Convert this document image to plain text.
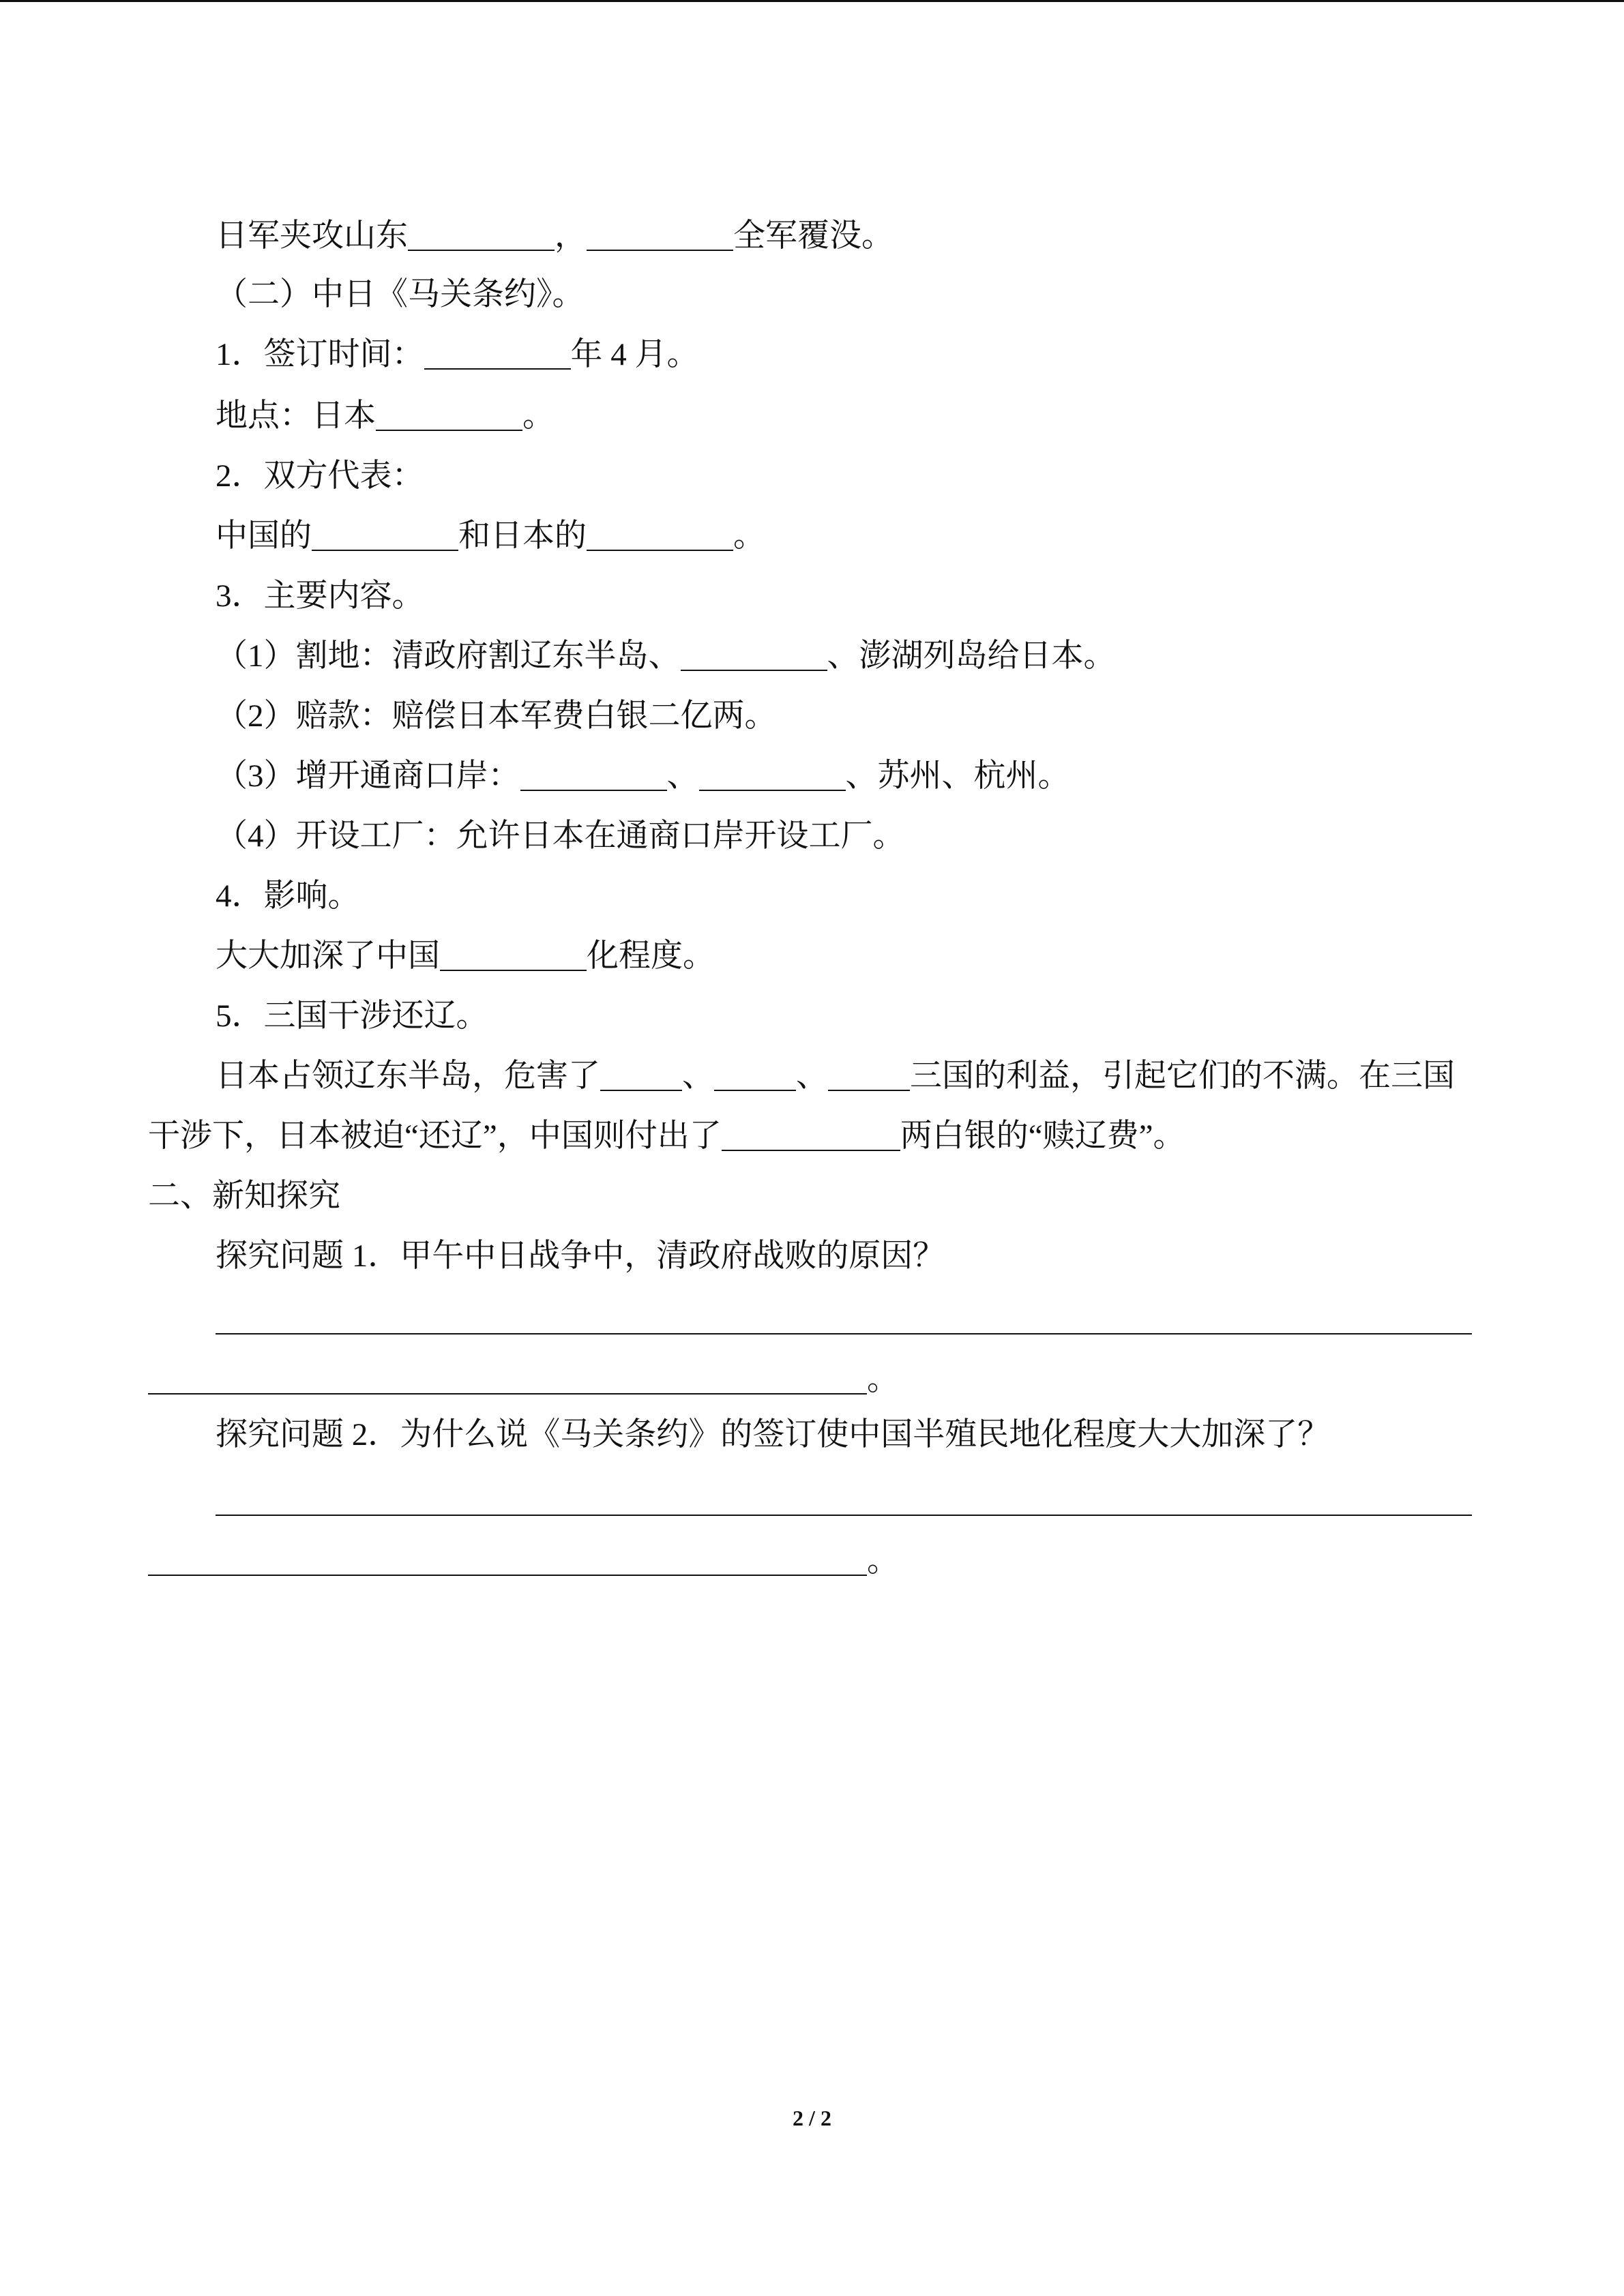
日军夹攻山东	，	全军覆没。
（二）中日《马关条约》。
1．签订时间：	年 4 月。
地点：日本	。
2．双方代表：
中国的	和日本的	。
3．主要内容。
（1）割地：清政府割辽东半岛、	、澎湖列岛给日本。
（2）赔款：赔偿日本军费白银二亿两。
（3）增开通商口岸：	、	、苏州、杭州。
（4）开设工厂：允许日本在通商口岸开设工厂。
4．影响。
大大加深了中国	化程度。
5．三国干涉还辽。
日本占领辽东半岛，危害了	、	、	三国的利益，引起它们的不满。在三国
干涉下，日本被迫“还辽”，中国则付出了	两白银的“赎辽费”。
二、新知探究
探究问题 1．甲午中日战争中，清政府战败的原因？
。
探究问题 2．为什么说《马关条约》的签订使中国半殖民地化程度大大加深了？
。
2 / 2
